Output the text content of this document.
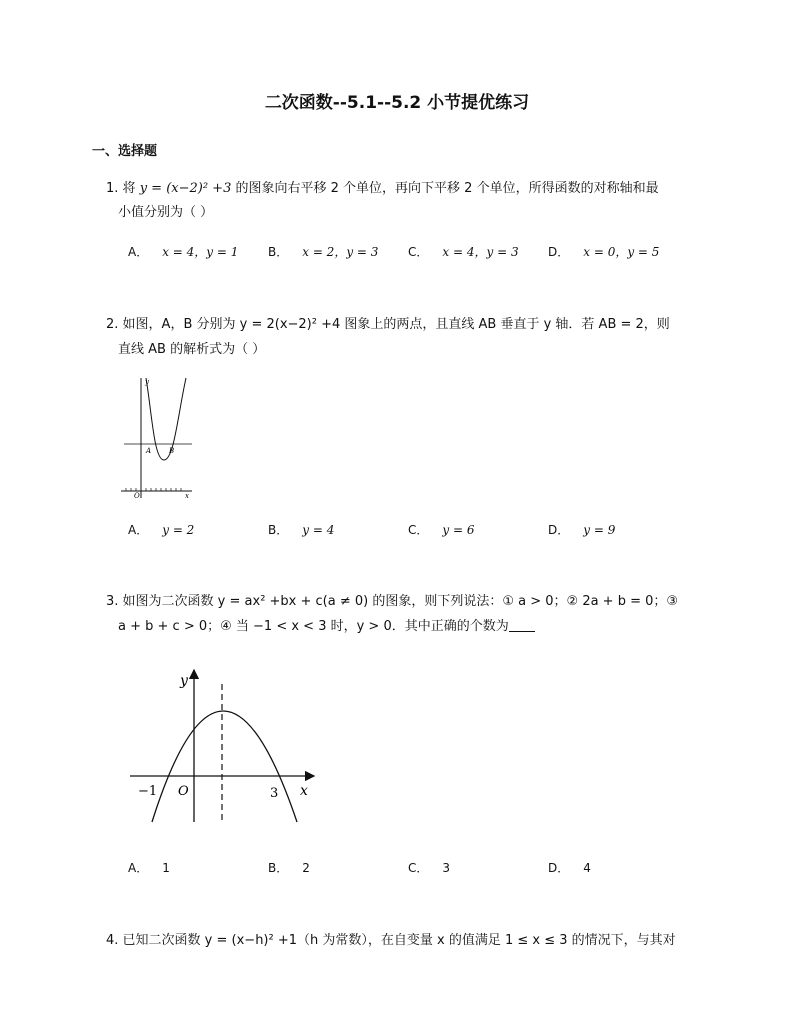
二次函数--5.1--5.2 小节提优练习
一、选择题
1. 将 y = (x−2)² +3 的图象向右平移 2 个单位，再向下平移 2 个单位，所得函数的对称轴和最
小值分别为（ ）
A． x = 4，y = 1 B． x = 2，y = 3 C． x = 4，y = 3 D． x = 0，y = 5
2. 如图，A，B 分别为 y = 2(x−2)² +4 图象上的两点，且直线 AB 垂直于 y 轴．若 AB = 2，则
直线 AB 的解析式为（ ）
y
x
O
A	B
A． y = 2	B． y = 4	C． y = 6	D． y = 9
3. 如图为二次函数 y = ax² +bx + c(a ≠ 0) 的图象，则下列说法：① a > 0；② 2a + b = 0；③
a + b + c > 0；④ 当 −1 < x < 3 时，y > 0．其中正确的个数为
y
x
O
−1	3
A． 1	B． 2	C． 3	D． 4
4. 已知二次函数 y = (x−h)² +1（h 为常数），在自变量 x 的值满足 1 ≤ x ≤ 3 的情况下，与其对
